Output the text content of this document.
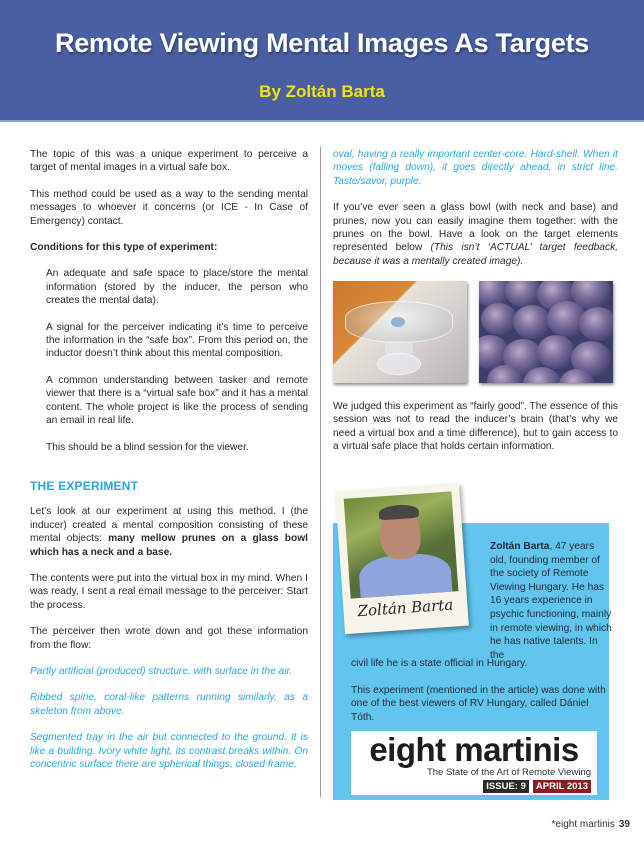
Remote Viewing Mental Images As Targets
By Zoltán Barta

The topic of this was a unique experiment to perceive a target of mental images in a virtual safe box.

This method could be used as a way to the sending mental messages to whoever it concerns (or ICE - In Case of Emergency) contact.

Conditions for this type of experiment:

An adequate and safe space to place/store the mental information (stored by the inducer, the person who creates the mental data).

A signal for the perceiver indicating it’s time to perceive the information in the “safe box”. From this period on, the inductor doesn’t think about this mental composition.

A common understanding between tasker and remote viewer that there is a “virtual safe box” and it has a mental content. The whole project is like the process of sending an email in real life.

This should be a blind session for the viewer.

THE EXPERIMENT

Let’s look at our experiment at using this method. I (the inducer) created a mental composition consisting of these mental objects: many mellow prunes on a glass bowl which has a neck and a base.

The contents were put into the virtual box in my mind. When I was ready, I sent a real email message to the perceiver: Start the process.

The perceiver then wrote down and got these information from the flow:

Partly artificial (produced) structure, with surface in the air.

Ribbed spine, coral-like patterns running similarly, as a skeleton from above.

Segmented tray in the air but connected to the ground. It is like a building. Ivory white light, its contrast breaks within. On concentric surface there are spherical things, closed frame,

oval, having a really important center-core. Hard-shell. When it moves (falling down), it goes directly ahead, in strict line. Taste/savor, purple.

If you’ve ever seen a glass bowl (with neck and base) and prunes, now you can easily imagine them together: with the prunes on the bowl. Have a look on the target elements represented below (This isn’t ‘ACTUAL’ target feedback, because it was a mentally created image).

We judged this experiment as “fairly good”. The essence of this session was not to read the inducer’s brain (that’s why we need a virtual box and a time difference), but to gain access to a virtual safe place that holds certain information.

Zoltán Barta
Zoltán Barta, 47 years old, founding member of the society of Remote Viewing Hungary. He has 16 years experience in psychic functioning, mainly in remote viewing, in which he has native talents. In the

civil life he is a state official in Hungary.

This experiment (mentioned in the article) was done with one of the best viewers of RV Hungary, called Dániel Tóth.

eight martinis
The State of the Art of Remote Viewing
ISSUE: 9	APRIL 2013
*eight martinis 39
